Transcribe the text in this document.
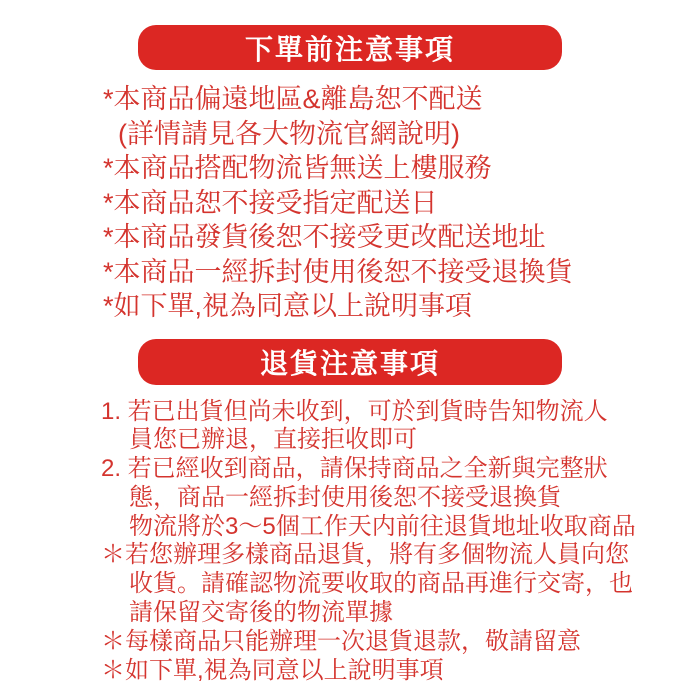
下單前注意事項
*本商品偏遠地區&離島恕不配送
(詳情請見各大物流官網說明)
*本商品搭配物流皆無送上樓服務
*本商品恕不接受指定配送日
*本商品發貨後恕不接受更改配送地址
*本商品一經拆封使用後恕不接受退換貨
*如下單,視為同意以上說明事項
退貨注意事項
1. 若已出貨但尚未收到，可於到貨時告知物流人
員您已辦退，直接拒收即可
2. 若已經收到商品，請保持商品之全新與完整狀
態，商品一經拆封使用後恕不接受退換貨
物流將於3～5個工作天内前往退貨地址收取商品
＊若您辦理多樣商品退貨，將有多個物流人員向您
收貨。請確認物流要收取的商品再進行交寄，也
請保留交寄後的物流單據
＊每樣商品只能辦理一次退貨退款，敬請留意
＊如下單,視為同意以上說明事項
